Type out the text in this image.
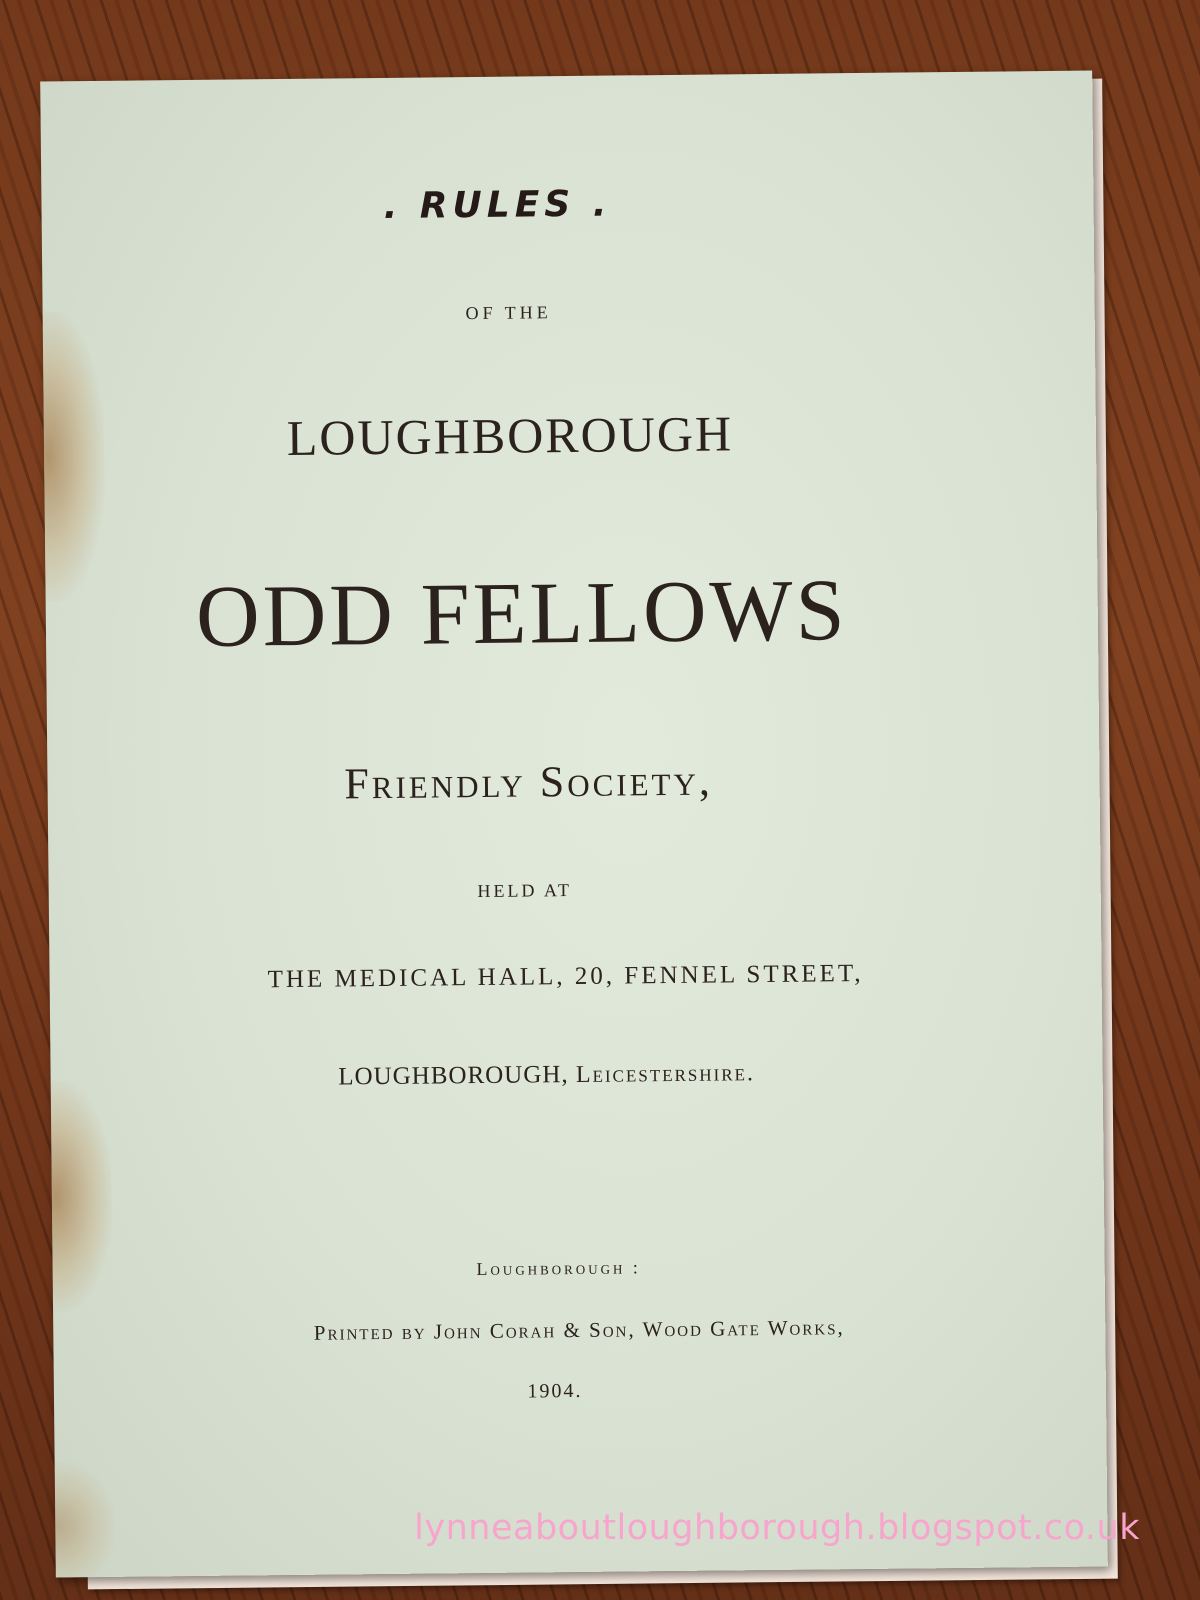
. RULES .
OF THE
LOUGHBOROUGH
ODD FELLOWS
Friendly Society,
HELD AT
THE MEDICAL HALL, 20, FENNEL STREET,
LOUGHBOROUGH, Leicestershire.
Loughborough :
Printed by John Corah & Son, Wood Gate Works,
1904.
lynneaboutloughborough.blogspot.co.uk
